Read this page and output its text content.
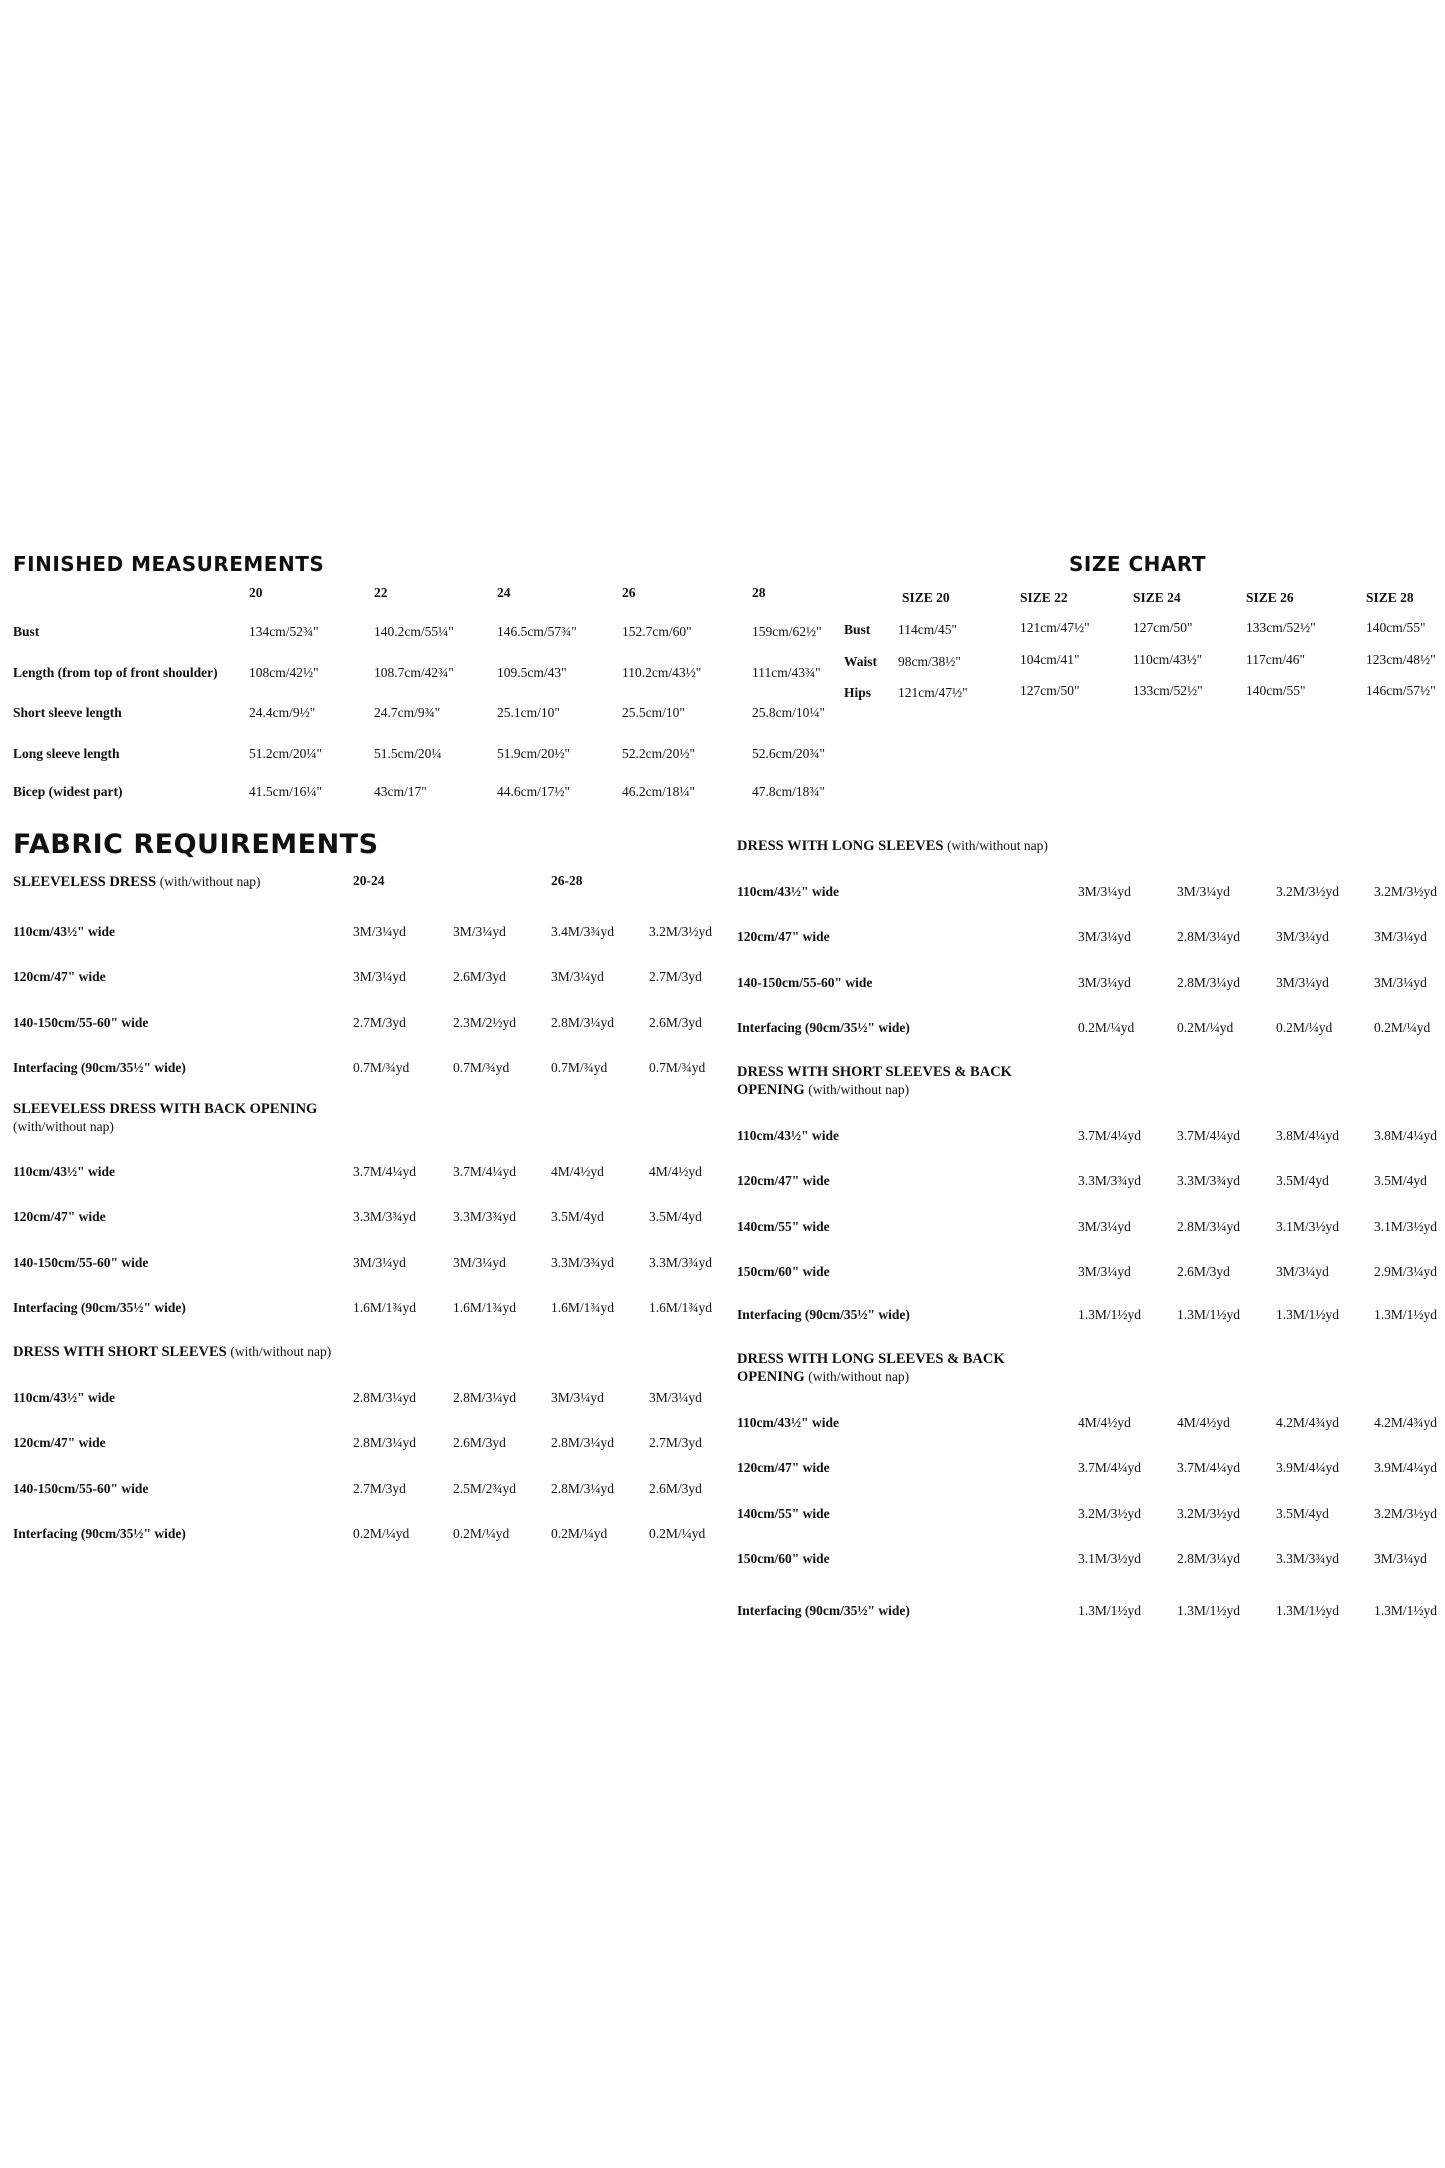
FINISHED MEASUREMENTS
20	22	24	26	28
Bust	134cm/52¾"	140.2cm/55¼"	146.5cm/57¾"	152.7cm/60"	159cm/62½"
Length (from top of front shoulder) 108cm/42½"	108.7cm/42¾"	109.5cm/43"	110.2cm/43½"	111cm/43¾"
Short sleeve length	24.4cm/9½"	24.7cm/9¾"	25.1cm/10"	25.5cm/10"	25.8cm/10¼"
Long sleeve length	51.2cm/20¼"	51.5cm/20¼	51.9cm/20½"	52.2cm/20½"	52.6cm/20¾"
Bicep (widest part)	41.5cm/16¼"	43cm/17"	44.6cm/17½"	46.2cm/18¼"	47.8cm/18¾"
SIZE CHART
SIZE 20	SIZE 22	SIZE 24	SIZE 26	SIZE 28
Bust 114cm/45"	121cm/47½"	127cm/50"	133cm/52½"	140cm/55"
Waist 98cm/38½"	104cm/41"	110cm/43½"	117cm/46"	123cm/48½"
Hips 121cm/47½"	127cm/50"	133cm/52½"	140cm/55"	146cm/57½"
FABRIC REQUIREMENTS
SLEEVELESS DRESS (with/without nap)	20-24	26-28
110cm/43½" wide	3M/3¼yd	3M/3¼yd	3.4M/3¾yd	3.2M/3½yd
120cm/47" wide	3M/3¼yd	2.6M/3yd	3M/3¼yd	2.7M/3yd
140-150cm/55-60" wide	2.7M/3yd	2.3M/2½yd	2.8M/3¼yd	2.6M/3yd
Interfacing (90cm/35½" wide)	0.7M/¾yd	0.7M/¾yd	0.7M/¾yd	0.7M/¾yd
SLEEVELESS DRESS WITH BACK OPENING
(with/without nap)
110cm/43½" wide	3.7M/4¼yd	3.7M/4¼yd	4M/4½yd	4M/4½yd
120cm/47" wide	3.3M/3¾yd	3.3M/3¾yd	3.5M/4yd	3.5M/4yd
140-150cm/55-60" wide	3M/3¼yd	3M/3¼yd	3.3M/3¾yd	3.3M/3¾yd
Interfacing (90cm/35½" wide)	1.6M/1¾yd	1.6M/1¾yd	1.6M/1¾yd	1.6M/1¾yd
DRESS WITH SHORT SLEEVES (with/without nap)
110cm/43½" wide	2.8M/3¼yd	2.8M/3¼yd	3M/3¼yd	3M/3¼yd
120cm/47" wide	2.8M/3¼yd	2.6M/3yd	2.8M/3¼yd	2.7M/3yd
140-150cm/55-60" wide	2.7M/3yd	2.5M/2¾yd	2.8M/3¼yd	2.6M/3yd
Interfacing (90cm/35½" wide)	0.2M/¼yd	0.2M/¼yd	0.2M/¼yd	0.2M/¼yd
DRESS WITH LONG SLEEVES (with/without nap)
110cm/43½" wide	3M/3¼yd	3M/3¼yd	3.2M/3½yd	3.2M/3½yd
120cm/47" wide	3M/3¼yd	2.8M/3¼yd	3M/3¼yd	3M/3¼yd
140-150cm/55-60" wide	3M/3¼yd	2.8M/3¼yd	3M/3¼yd	3M/3¼yd
Interfacing (90cm/35½" wide)	0.2M/¼yd	0.2M/¼yd	0.2M/¼yd	0.2M/¼yd
DRESS WITH SHORT SLEEVES & BACK
OPENING (with/without nap)
110cm/43½" wide	3.7M/4¼yd	3.7M/4¼yd	3.8M/4¼yd	3.8M/4¼yd
120cm/47" wide	3.3M/3¾yd	3.3M/3¾yd	3.5M/4yd	3.5M/4yd
140cm/55" wide	3M/3¼yd	2.8M/3¼yd	3.1M/3½yd	3.1M/3½yd
150cm/60" wide	3M/3¼yd	2.6M/3yd	3M/3¼yd	2.9M/3¼yd
Interfacing (90cm/35½" wide)	1.3M/1½yd	1.3M/1½yd	1.3M/1½yd	1.3M/1½yd
DRESS WITH LONG SLEEVES & BACK
OPENING (with/without nap)
110cm/43½" wide	4M/4½yd	4M/4½yd	4.2M/4¾yd	4.2M/4¾yd
120cm/47" wide	3.7M/4¼yd	3.7M/4¼yd	3.9M/4¼yd	3.9M/4¼yd
140cm/55" wide	3.2M/3½yd	3.2M/3½yd	3.5M/4yd	3.2M/3½yd
150cm/60" wide	3.1M/3½yd	2.8M/3¼yd	3.3M/3¾yd	3M/3¼yd
Interfacing (90cm/35½" wide)	1.3M/1½yd	1.3M/1½yd	1.3M/1½yd	1.3M/1½yd
